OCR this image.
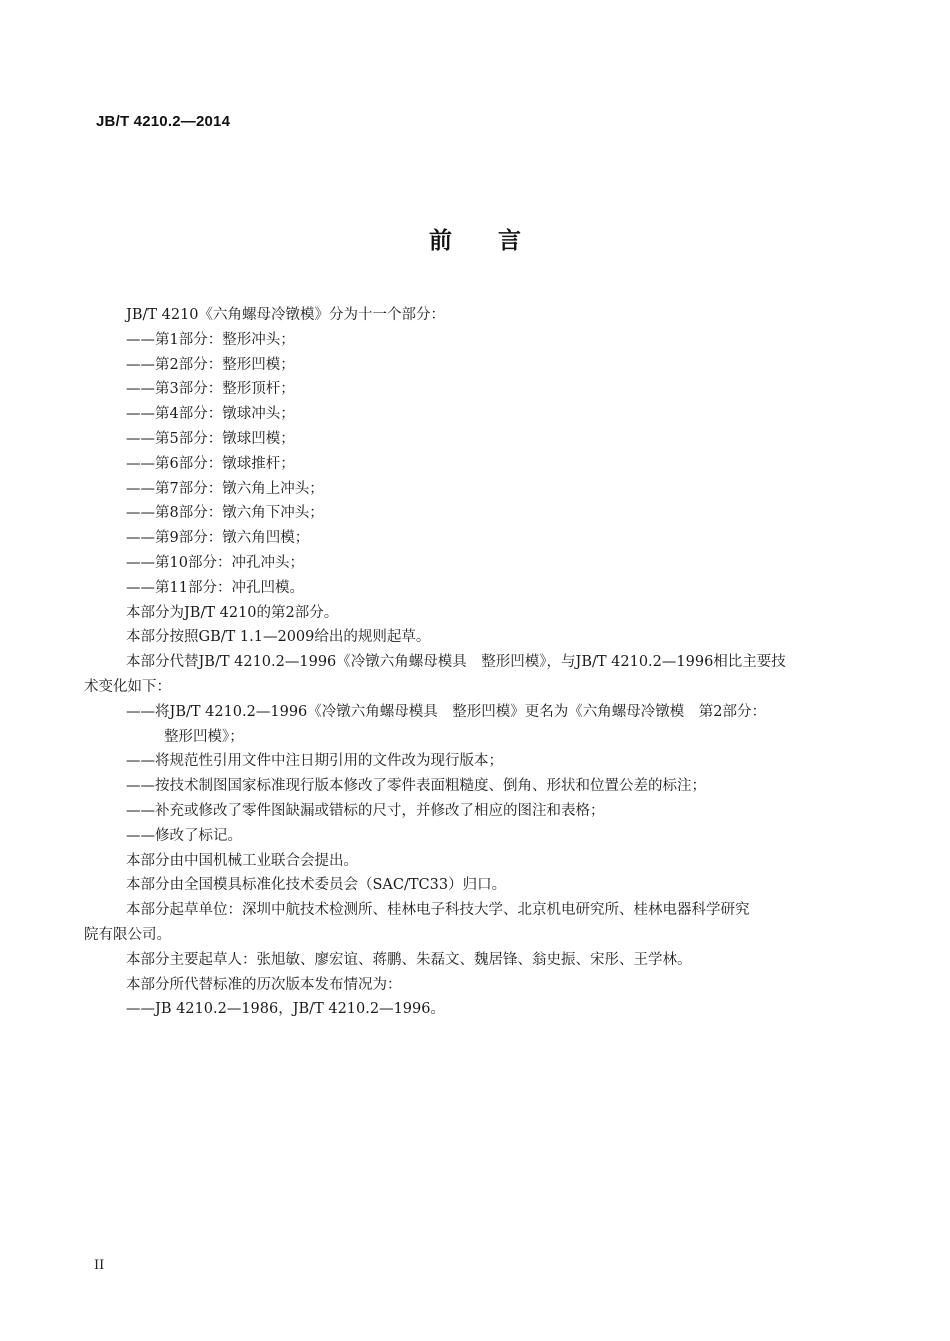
JB/T 4210.2—2014
前言
JB/T 4210《六角螺母冷镦模》分为十一个部分：
——第1部分：整形冲头；
——第2部分：整形凹模；
——第3部分：整形顶杆；
——第4部分：镦球冲头；
——第5部分：镦球凹模；
——第6部分：镦球推杆；
——第7部分：镦六角上冲头；
——第8部分：镦六角下冲头；
——第9部分：镦六角凹模；
——第10部分：冲孔冲头；
——第11部分：冲孔凹模。
本部分为JB/T 4210的第2部分。
本部分按照GB/T 1.1—2009给出的规则起草。
本部分代替JB/T 4210.2—1996《冷镦六角螺母模具　整形凹模》，与JB/T 4210.2—1996相比主要技
术变化如下：
——将JB/T 4210.2—1996《冷镦六角螺母模具　整形凹模》更名为《六角螺母冷镦模　第2部分：
整形凹模》；
——将规范性引用文件中注日期引用的文件改为现行版本；
——按技术制图国家标准现行版本修改了零件表面粗糙度、倒角、形状和位置公差的标注；
——补充或修改了零件图缺漏或错标的尺寸，并修改了相应的图注和表格；
——修改了标记。
本部分由中国机械工业联合会提出。
本部分由全国模具标准化技术委员会（SAC/TC33）归口。
本部分起草单位：深圳中航技术检测所、桂林电子科技大学、北京机电研究所、桂林电器科学研究
院有限公司。
本部分主要起草人：张旭敏、廖宏谊、蒋鹏、朱磊文、魏居锋、翁史振、宋彤、王学林。
本部分所代替标准的历次版本发布情况为：
——JB 4210.2—1986，JB/T 4210.2—1996。
II
